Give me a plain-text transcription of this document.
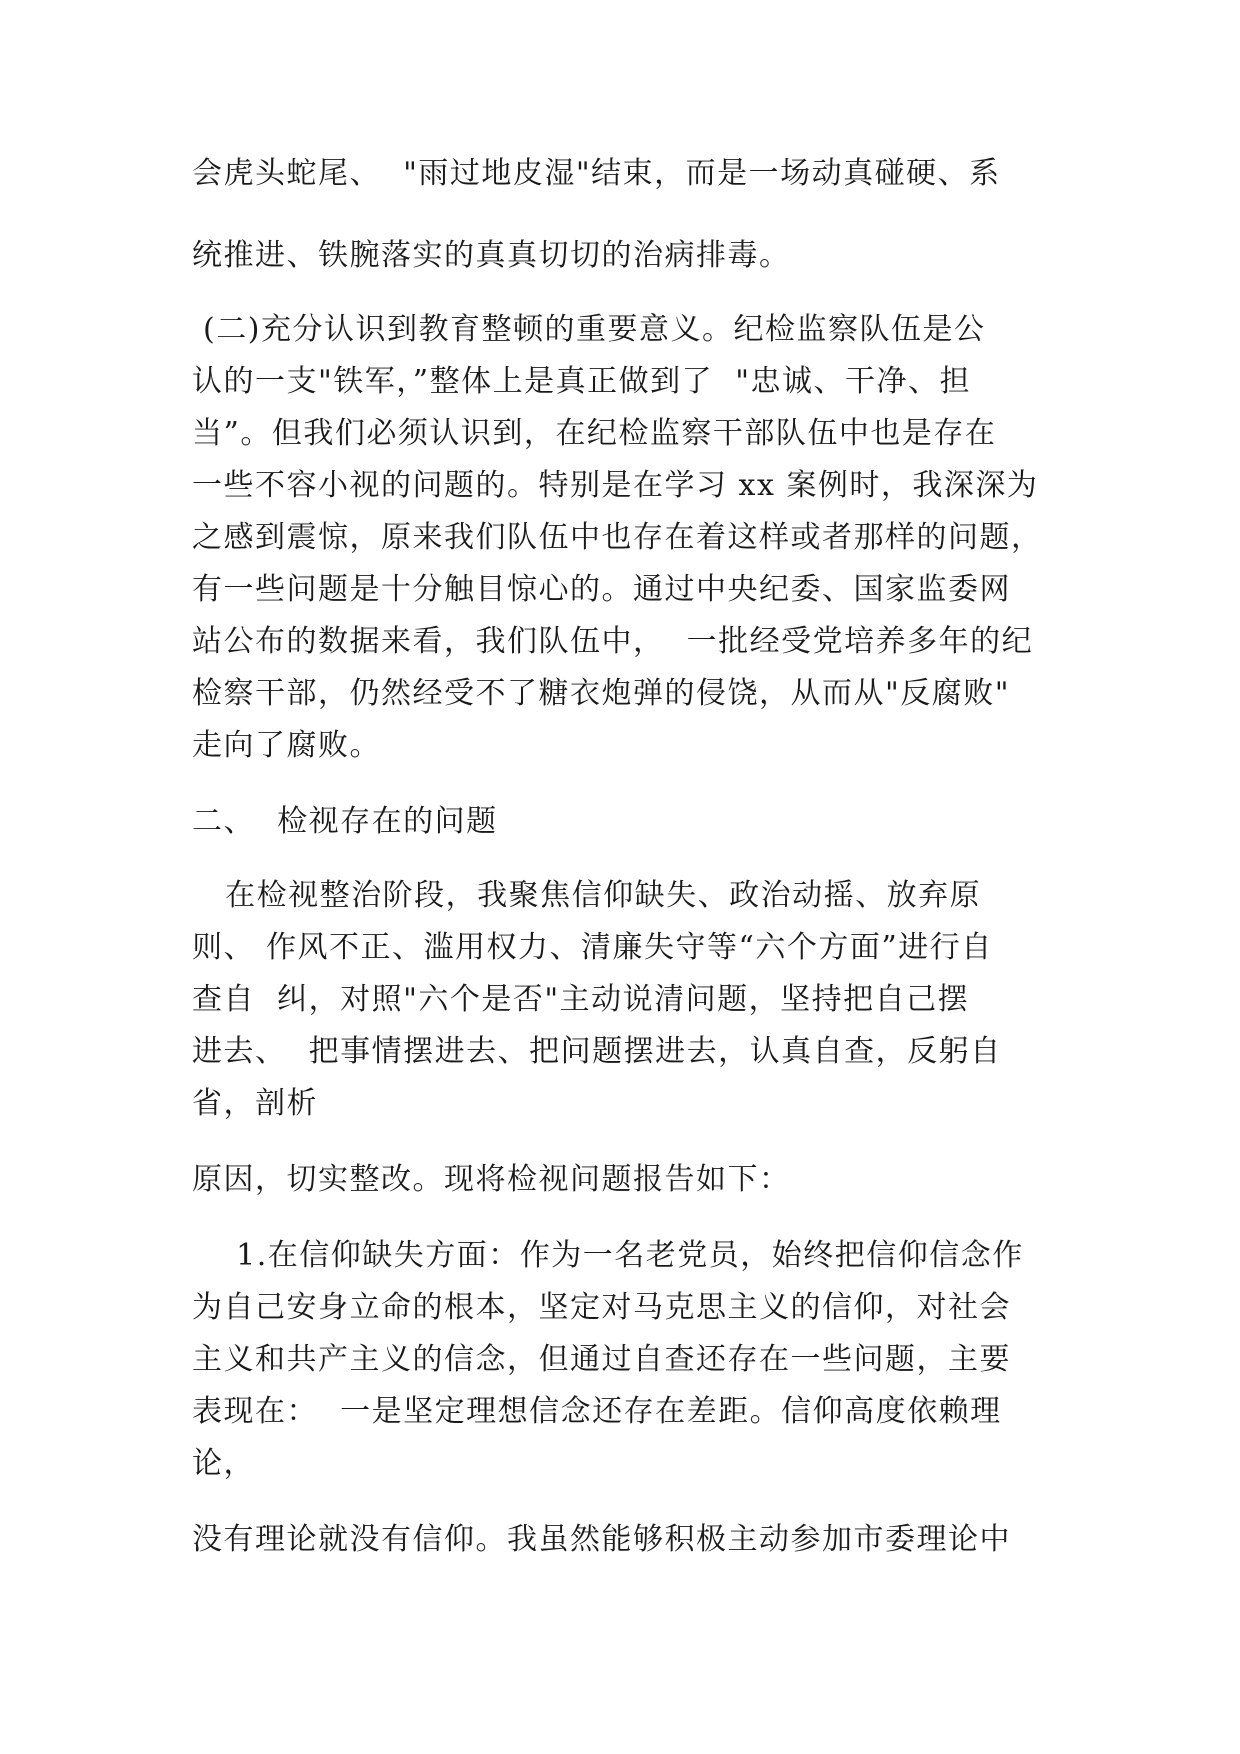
会虎头蛇尾、  "雨过地皮湿"结束，而是一场动真碰硬、系
统推进、铁腕落实的真真切切的治病排毒。
(二)充分认识到教育整顿的重要意义。纪检监察队伍是公
认的一支"铁军，”整体上是真正做到了  "忠诚、干净、担
当”。但我们必须认识到，在纪检监察干部队伍中也是存在
一些不容小视的问题的。特别是在学习 xx 案例时，我深深为
之感到震惊，原来我们队伍中也存在着这样或者那样的问题，
有一些问题是十分触目惊心的。通过中央纪委、国家监委网
站公布的数据来看，我们队伍中，  一批经受党培养多年的纪
检察干部，仍然经受不了糖衣炮弹的侵饶，从而从"反腐败"
走向了腐败。
二、  检视存在的问题
在检视整治阶段，我聚焦信仰缺失、政治动摇、放弃原
则、 作风不正、滥用权力、清廉失守等“六个方面”进行自
查自  纠，对照"六个是否"主动说清问题，坚持把自己摆
进去、  把事情摆进去、把问题摆进去，认真自查，反躬自
省，剖析
原因，切实整改。现将检视问题报告如下：
1.在信仰缺失方面：作为一名老党员，始终把信仰信念作
为自己安身立命的根本，坚定对马克思主义的信仰，对社会
主义和共产主义的信念，但通过自查还存在一些问题，主要
表现在：  一是坚定理想信念还存在差距。信仰高度依赖理
论，
没有理论就没有信仰。我虽然能够积极主动参加市委理论中
